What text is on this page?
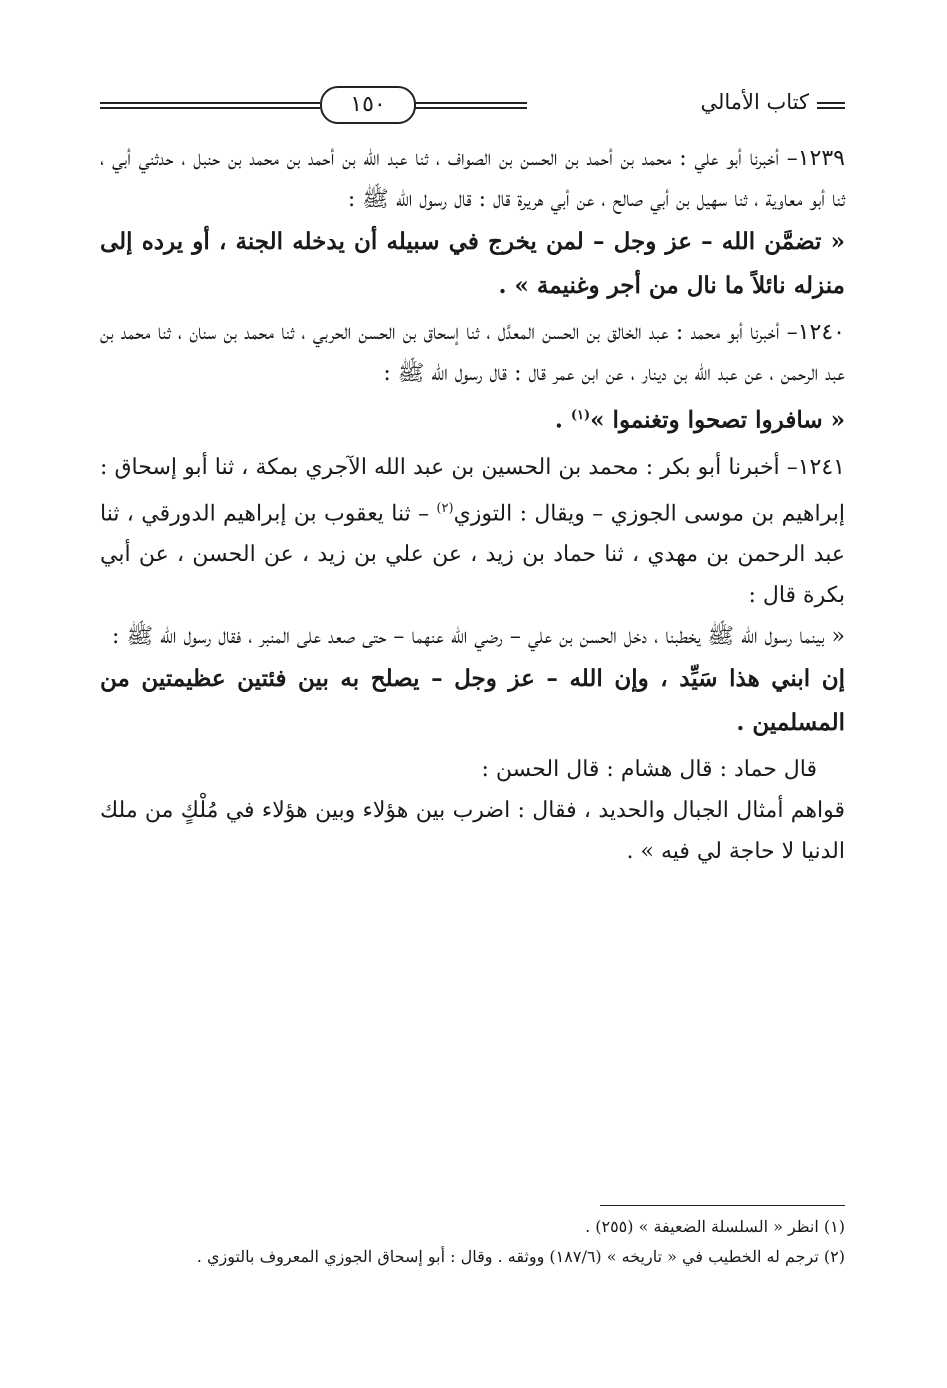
١٥٠	كتاب الأمالي

١٢٣٩– أخبرنا أبو علي : محمد بن أحمد بن الحسن بن الصواف ، ثنا عبد الله بن أحمد بن محمد بن حنبل ، حدثني أبي ، ثنا أبو معاوية ، ثنا سهيل بن أبي صالح ، عن أبي هريرة قال : قال رسول الله ﷺ :

« تضمَّن الله – عز وجل – لمن يخرج في سبيله أن يدخله الجنة ، أو يرده إلى منزله نائلاً ما نال من أجر وغنيمة » .

١٢٤٠– أخبرنا أبو محمد : عبد الخالق بن الحسن المعدَّل ، ثنا إسحاق بن الحسن الحربي ، ثنا محمد بن سنان ، ثنا محمد بن عبد الرحمن ، عن عبد الله بن دينار ، عن ابن عمر قال : قال رسول الله ﷺ :

« سافروا تصحوا وتغنموا »$^{(١)}$ .

١٢٤١– أخبرنا أبو بكر : محمد بن الحسين بن عبد الله الآجري بمكة ، ثنا أبو إسحاق : إبراهيم بن موسى الجوزي – ويقال : التوزي$^{(٢)}$ – ثنا يعقوب بن إبراهيم الدورقي ، ثنا عبد الرحمن بن مهدي ، ثنا حماد بن زيد ، عن علي بن زيد ، عن الحسن ، عن أبي بكرة قال :

« بينما رسول الله ﷺ يخطبنا ، دخل الحسن بن علي – رضي الله عنهما – حتى صعد على المنبر ، فقال رسول الله ﷺ :

إن ابني هذا سَيِّد ، وإن الله – عز وجل – يصلح به بين فئتين عظيمتين من المسلمين .

قال حماد : قال هشام : قال الحسن :

قواهم أمثال الجبال والحديد ، فقال : اضرب بين هؤلاء وبين هؤلاء في مُلْكٍ من ملك الدنيا لا حاجة لي فيه » .

(١) انظر « السلسلة الضعيفة » (٢٥٥) .
(٢) ترجم له الخطيب في « تاريخه » (١٨٧/٦) ووثقه . وقال : أبو إسحاق الجوزي المعروف بالتوزي .
